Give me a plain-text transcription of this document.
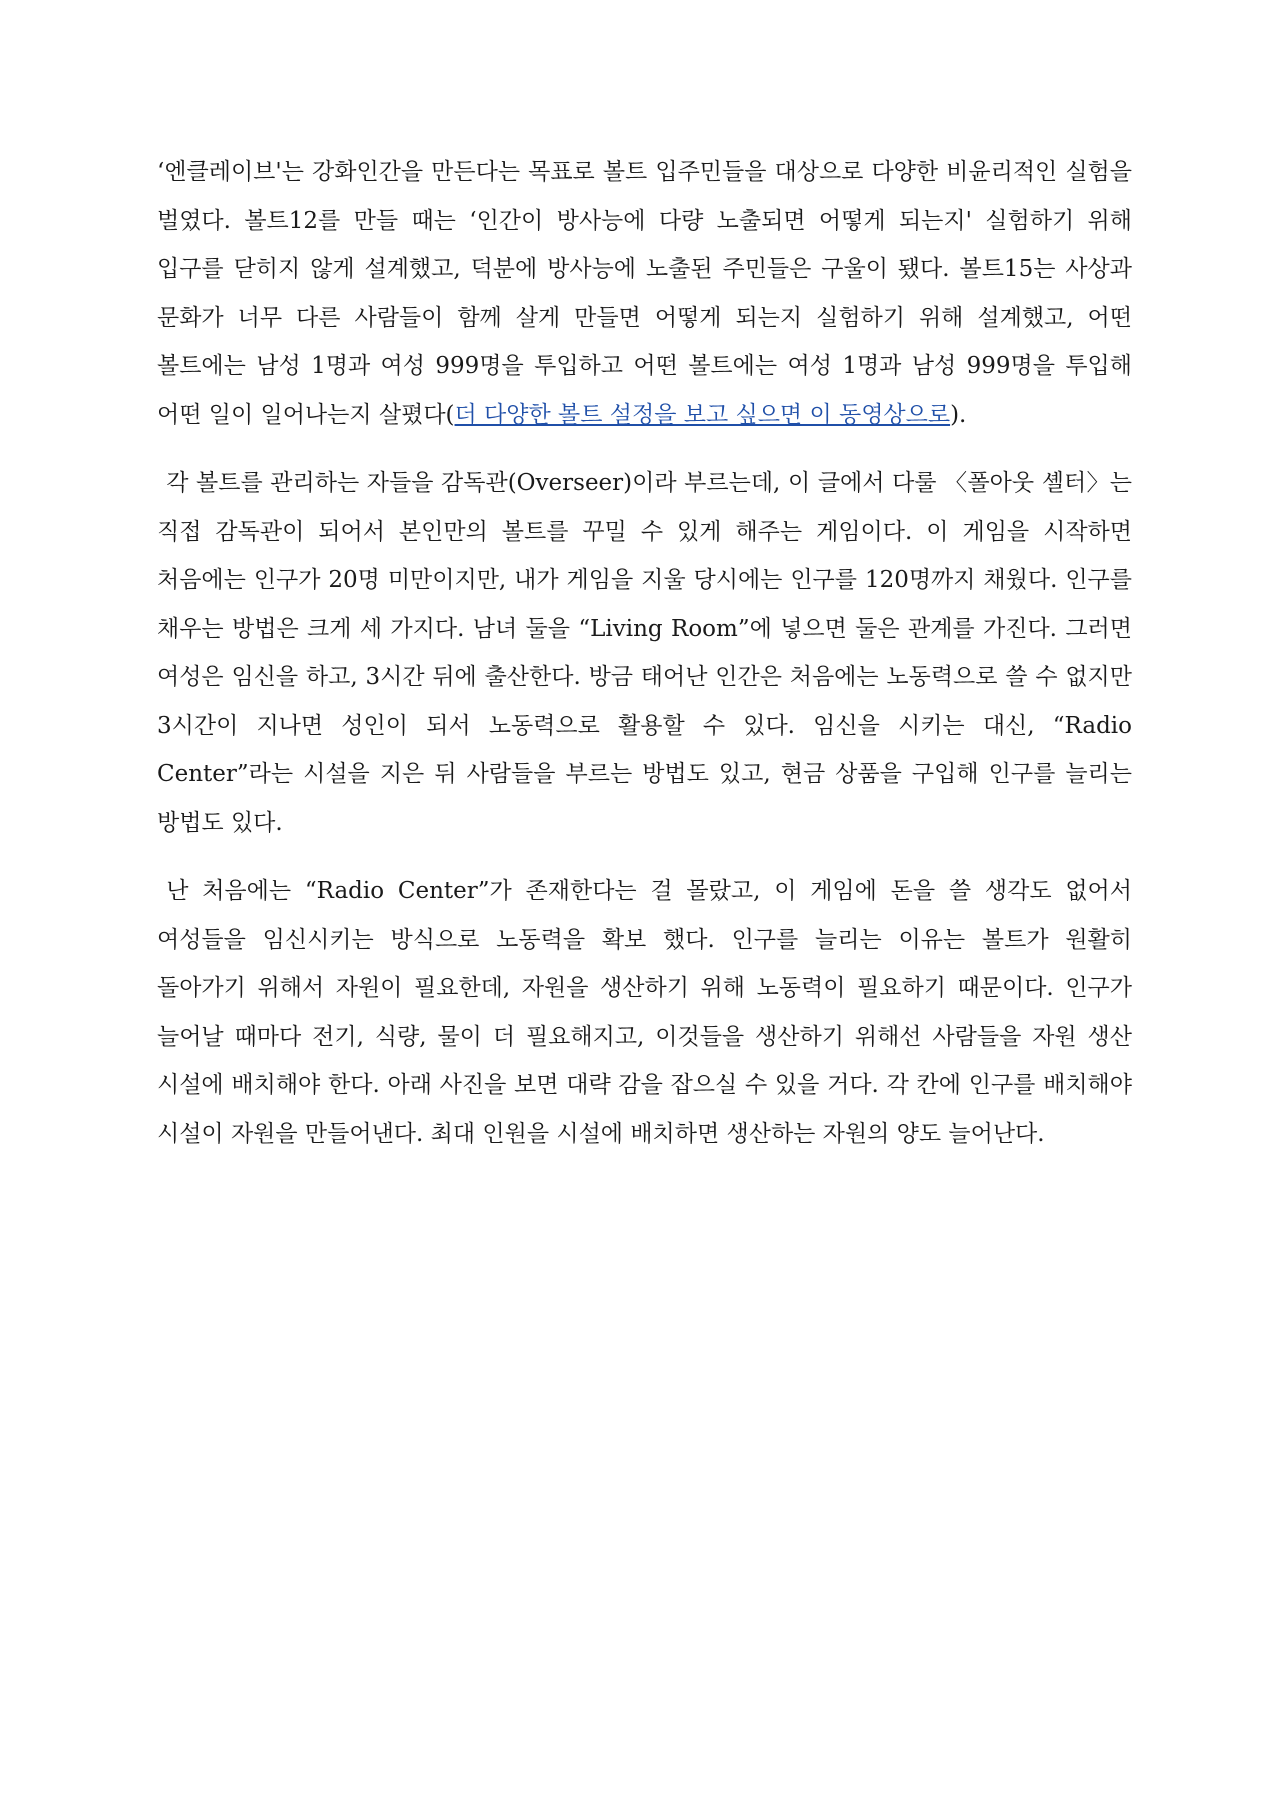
‘엔클레이브'는 강화인간을 만든다는 목표로 볼트 입주민들을 대상으로 다양한 비윤리적인 실험을 벌였다. 볼트12를 만들 때는 ‘인간이 방사능에 다량 노출되면 어떻게 되는지' 실험하기 위해 입구를 닫히지 않게 설계했고, 덕분에 방사능에 노출된 주민들은 구울이 됐다. 볼트15는 사상과 문화가 너무 다른 사람들이 함께 살게 만들면 어떻게 되는지 실험하기 위해 설계했고, 어떤 볼트에는 남성 1명과 여성 999명을 투입하고 어떤 볼트에는 여성 1명과 남성 999명을 투입해 어떤 일이 일어나는지 살폈다(더 다양한 볼트 설정을 보고 싶으면 이 동영상으로).

각 볼트를 관리하는 자들을 감독관(Overseer)이라 부르는데, 이 글에서 다룰 〈폴아웃 셸터〉는 직접 감독관이 되어서 본인만의 볼트를 꾸밀 수 있게 해주는 게임이다. 이 게임을 시작하면 처음에는 인구가 20명 미만이지만, 내가 게임을 지울 당시에는 인구를 120명까지 채웠다. 인구를 채우는 방법은 크게 세 가지다. 남녀 둘을 “Living Room”에 넣으면 둘은 관계를 가진다. 그러면 여성은 임신을 하고, 3시간 뒤에 출산한다. 방금 태어난 인간은 처음에는 노동력으로 쓸 수 없지만 3시간이 지나면 성인이 되서 노동력으로 활용할 수 있다. 임신을 시키는 대신, “Radio Center”라는 시설을 지은 뒤 사람들을 부르는 방법도 있고, 현금 상품을 구입해 인구를 늘리는 방법도 있다.

난 처음에는 “Radio Center”가 존재한다는 걸 몰랐고, 이 게임에 돈을 쓸 생각도 없어서 여성들을 임신시키는 방식으로 노동력을 확보 했다. 인구를 늘리는 이유는 볼트가 원활히 돌아가기 위해서 자원이 필요한데, 자원을 생산하기 위해 노동력이 필요하기 때문이다. 인구가 늘어날 때마다 전기, 식량, 물이 더 필요해지고, 이것들을 생산하기 위해선 사람들을 자원 생산 시설에 배치해야 한다. 아래 사진을 보면 대략 감을 잡으실 수 있을 거다. 각 칸에 인구를 배치해야 시설이 자원을 만들어낸다. 최대 인원을 시설에 배치하면 생산하는 자원의 양도 늘어난다.
